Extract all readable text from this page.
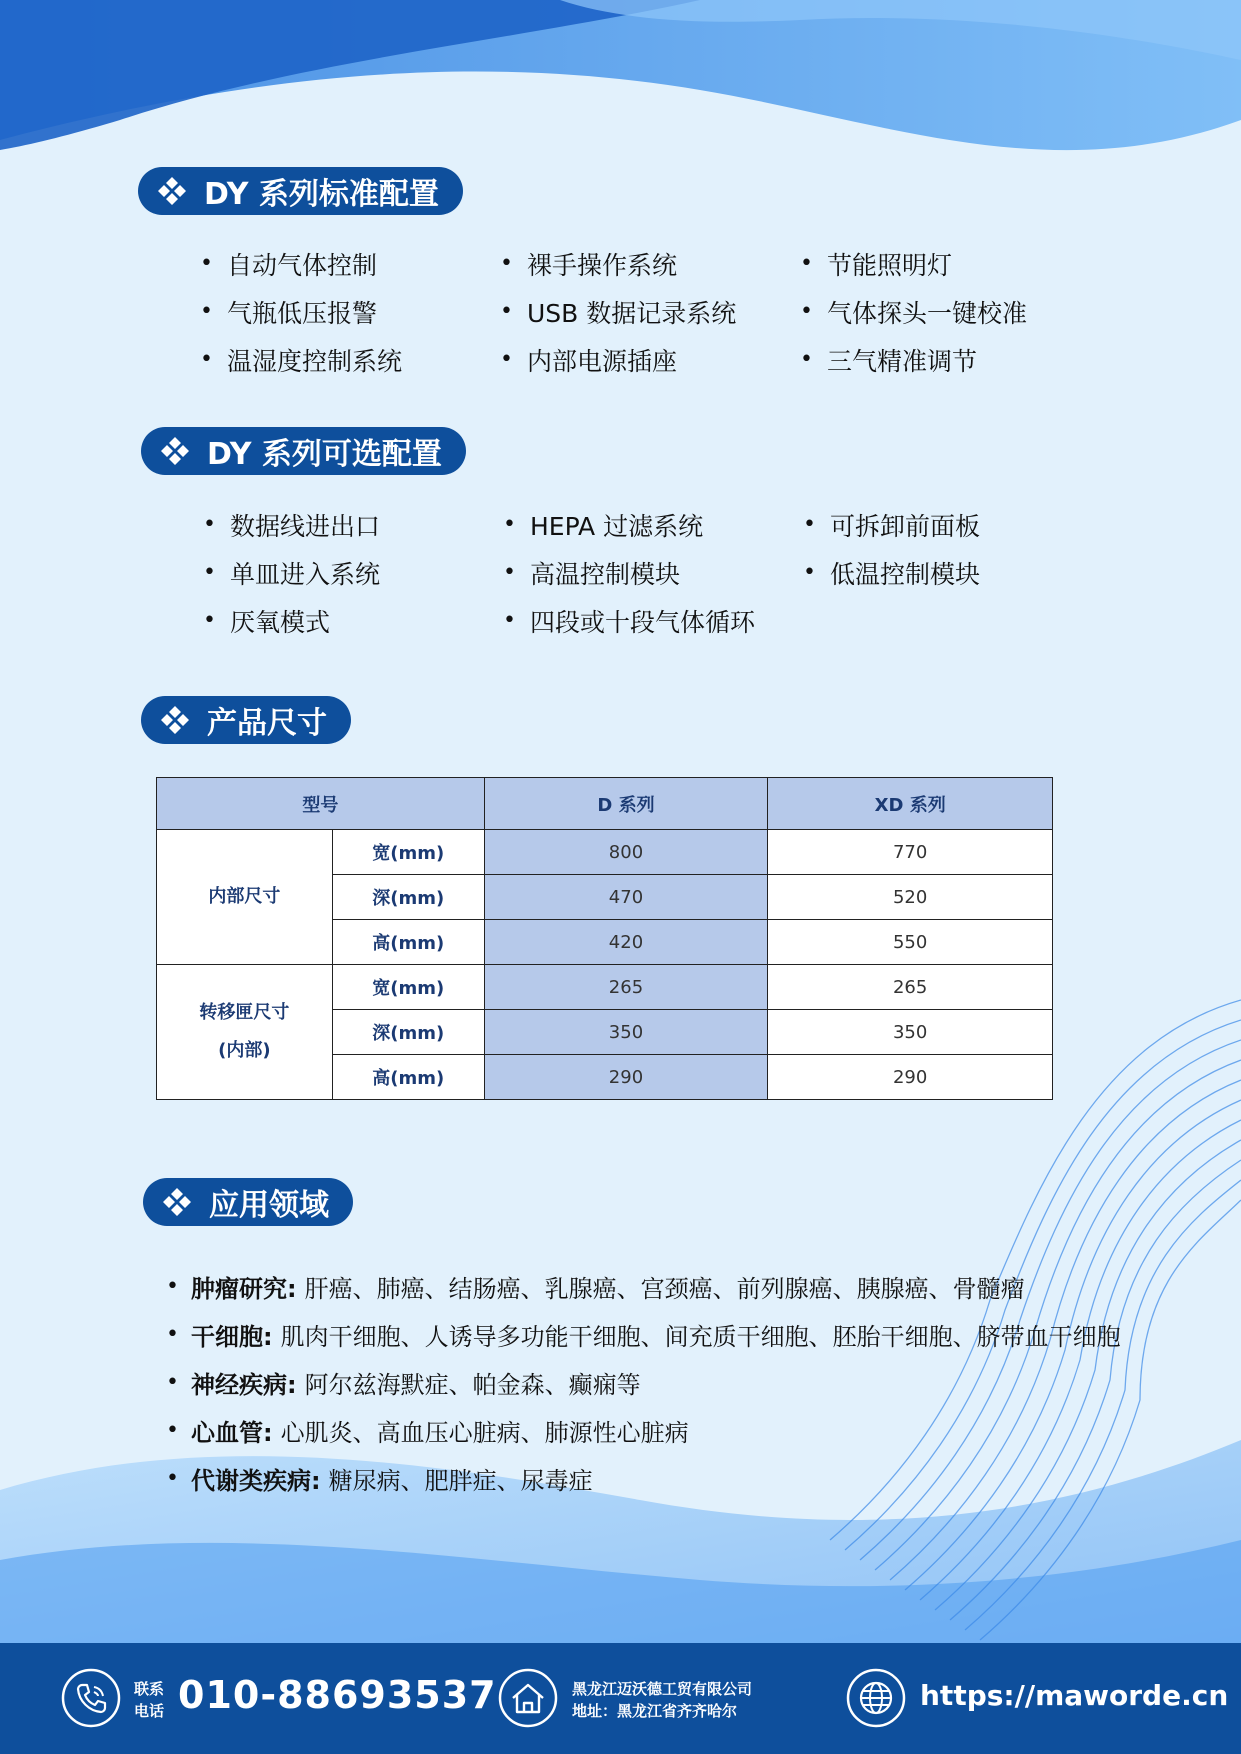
DY 系列标准配置
• 自动气体控制	• 裸手操作系统	• 节能照明灯
• 气瓶低压报警	• USB 数据记录系统	• 气体探头一键校准
• 温湿度控制系统	• 内部电源插座	• 三气精准调节
DY 系列可选配置
• 数据线进出口	• HEPA 过滤系统	• 可拆卸前面板
• 单皿进入系统	• 高温控制模块	• 低温控制模块
• 厌氧模式	• 四段或十段气体循环
产品尺寸
型号		D 系列	XD 系列
内部尺寸	宽(mm)	800	770
	深(mm)	470	520
	高(mm)	420	550

转移匣尺寸
(内部)	宽(mm)	265	265
	深(mm)	350	350
	高(mm)	290	290
应用领域
• 肿瘤研究: 肝癌、肺癌、结肠癌、乳腺癌、宫颈癌、前列腺癌、胰腺癌、骨髓瘤
• 干细胞: 肌肉干细胞、人诱导多功能干细胞、间充质干细胞、胚胎干细胞、脐带血干细胞
• 神经疾病: 阿尔兹海默症、帕金森、癫痫等
• 心血管: 心肌炎、高血压心脏病、肺源性心脏病
• 代谢类疾病: 糖尿病、肥胖症、尿毒症
联系
电话 010-88693537	黑龙江迈沃德工贸有限公司
地址：黑龙江省齐齐哈尔	https://maworde.cn
